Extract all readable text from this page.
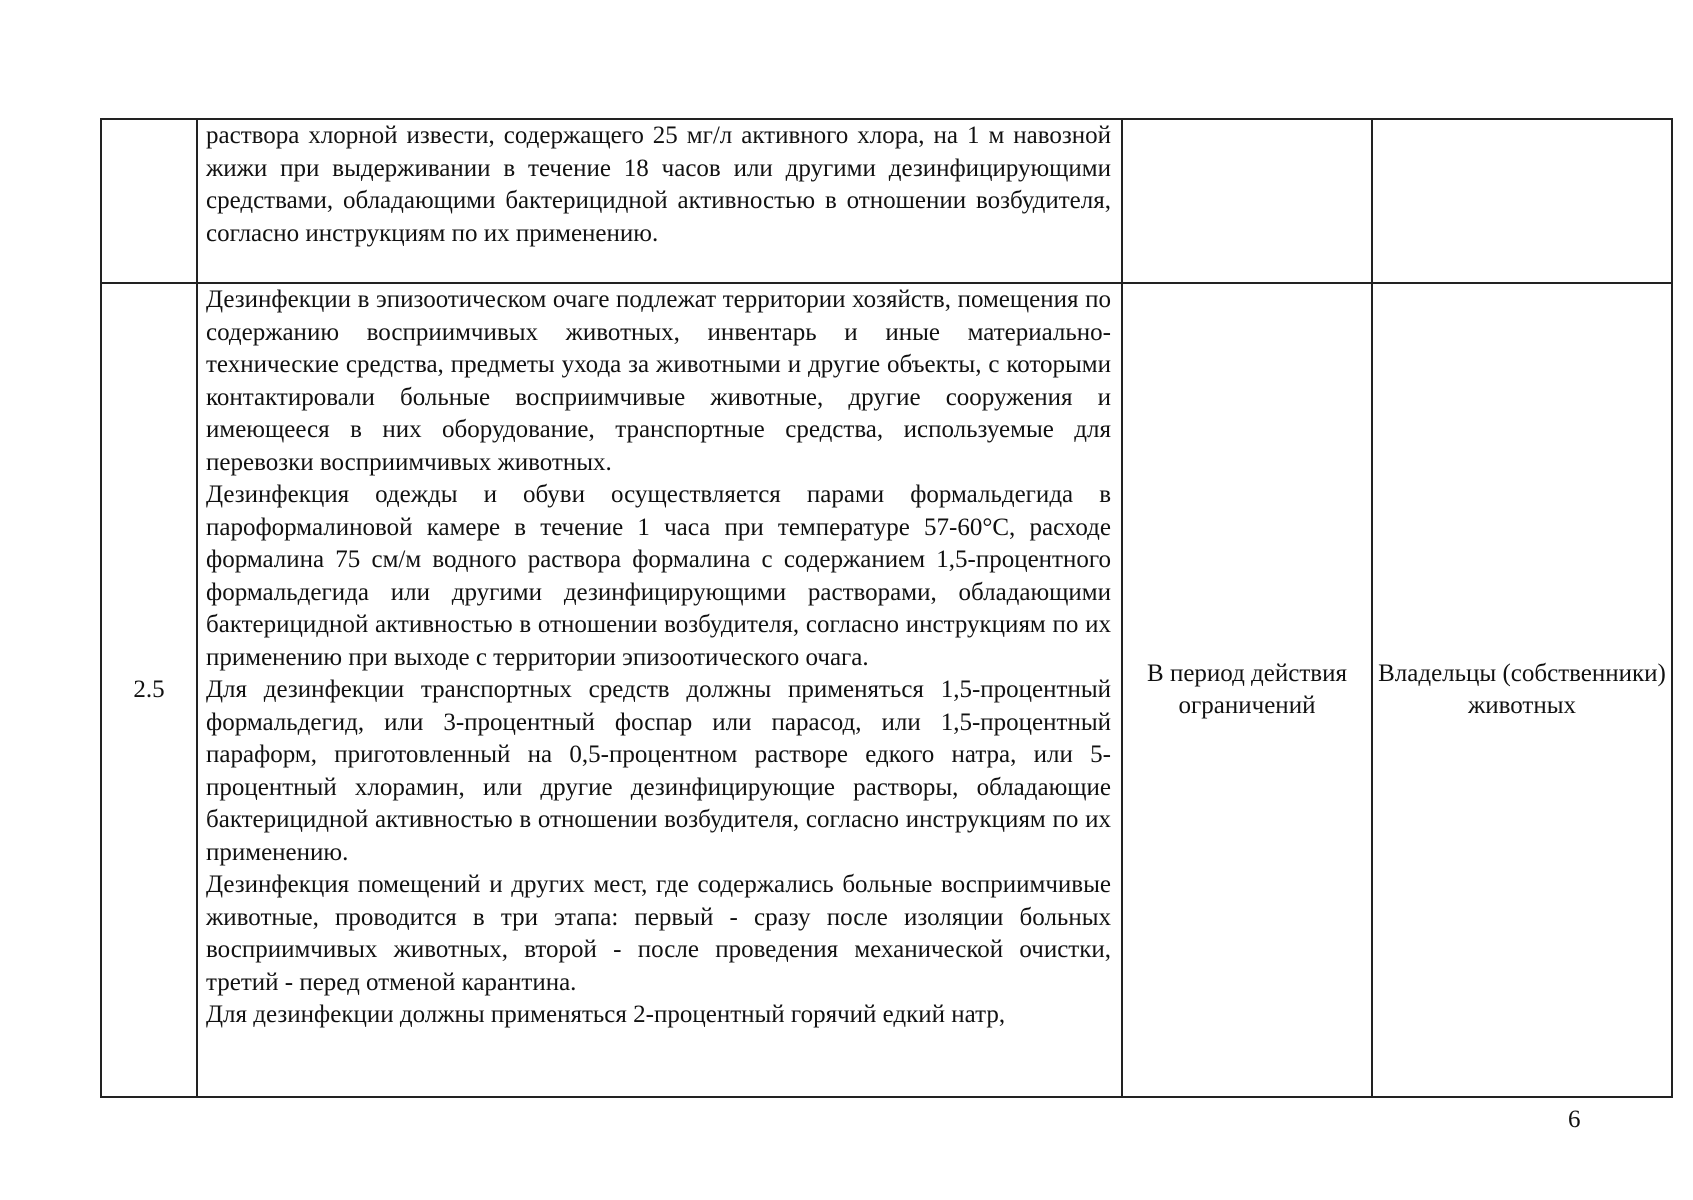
	раствора хлорной извести, содержащего 25 мг/л активного хлора, на 1 м навозной жижи при выдерживании в течение 18 часов или другими дезинфицирующими средствами, обладающими бактерицидной активностью в отношении возбудителя, согласно инструкциям по их применению.		

2.5	Дезинфекции в эпизоотическом очаге подлежат территории хозяйств, помещения по содержанию восприимчивых животных, инвентарь и иные материально-технические средства, предметы ухода за животными и другие объекты, с которыми контактировали больные восприимчивые животные, другие сооружения и имеющееся в них оборудование, транспортные средства, используемые для перевозки восприимчивых животных.

Дезинфекция одежды и обуви осуществляется парами формальдегида в пароформалиновой камере в течение 1 часа при температуре 57-60°С, расходе формалина 75 см/м водного раствора формалина с содержанием 1,5-процентного формальдегида или другими дезинфицирующими растворами, обладающими бактерицидной активностью в отношении возбудителя, согласно инструкциям по их применению при выходе с территории эпизоотического очага.

Для дезинфекции транспортных средств должны применяться 1,5-процентный формальдегид, или 3-процентный фоспар или парасод, или 1,5-процентный параформ, приготовленный на 0,5-процентном растворе едкого натра, или 5-процентный хлорамин, или другие дезинфицирующие растворы, обладающие бактерицидной активностью в отношении возбудителя, согласно инструкциям по их применению.

Дезинфекция помещений и других мест, где содержались больные восприимчивые животные, проводится в три этапа: первый - сразу после изоляции больных восприимчивых животных, второй - после проведения механической очистки, третий - перед отменой карантина.

Для дезинфекции должны применяться 2-процентный горячий едкий натр,	В период действия ограничений	Владельцы (собственники) животных
6
